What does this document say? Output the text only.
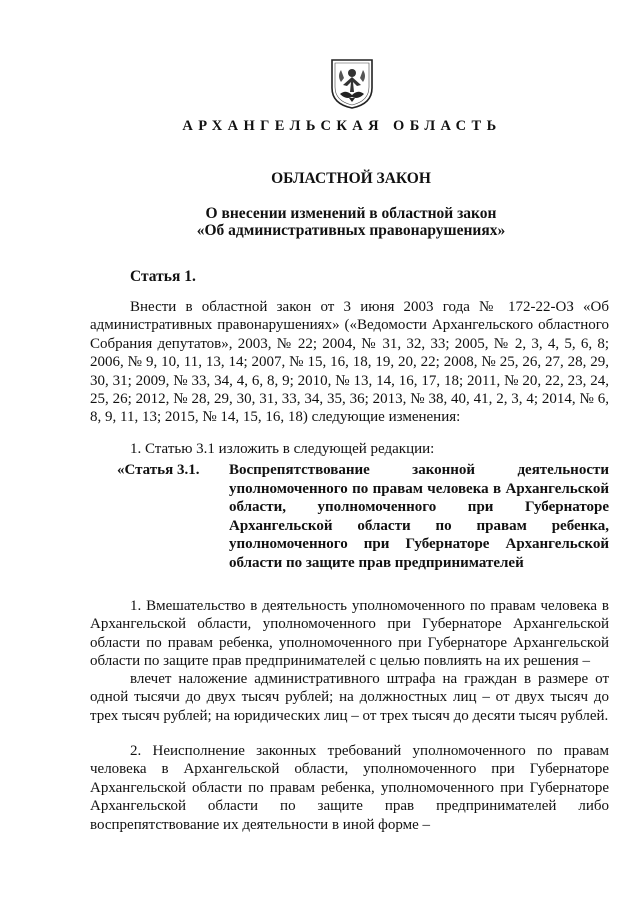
АРХАНГЕЛЬСКАЯ ОБЛАСТЬ
ОБЛАСТНОЙ ЗАКОН
О внесении изменений в областной закон
«Об административных правонарушениях»
Статья 1.

Внести в областной закон от 3 июня 2003 года № 172-22-ОЗ «Об административных правонарушениях» («Ведомости Архангельского областного Собрания депутатов», 2003, № 22; 2004, № 31, 32, 33; 2005, № 2, 3, 4, 5, 6, 8; 2006, № 9, 10, 11, 13, 14; 2007, № 15, 16, 18, 19, 20, 22; 2008, № 25, 26, 27, 28, 29, 30, 31; 2009, № 33, 34, 4, 6, 8, 9; 2010, № 13, 14, 16, 17, 18; 2011, № 20, 22, 23, 24, 25, 26; 2012, № 28, 29, 30, 31, 33, 34, 35, 36; 2013, № 38, 40, 41, 2, 3, 4; 2014, № 6, 8, 9, 11, 13; 2015, № 14, 15, 16, 18) следующие изменения:

1. Статью 3.1 изложить в следующей редакции:

«Статья 3.1. Воспрепятствование законной деятельности уполномоченного по правам человека в Архангельской области, уполномоченного при Губернаторе Архангельской области по правам ребенка, уполномоченного при Губернаторе Архангельской области по защите прав предпринимателей

1. Вмешательство в деятельность уполномоченного по правам человека в Архангельской области, уполномоченного при Губернаторе Архангельской области по правам ребенка, уполномоченного при Губернаторе Архангельской области по защите прав предпринимателей с целью повлиять на их решения –

влечет наложение административного штрафа на граждан в размере от одной тысячи до двух тысяч рублей; на должностных лиц – от двух тысяч до трех тысяч рублей; на юридических лиц – от трех тысяч до десяти тысяч рублей.

2. Неисполнение законных требований уполномоченного по правам человека в Архангельской области, уполномоченного при Губернаторе Архангельской области по правам ребенка, уполномоченного при Губернаторе Архангельской области по защите прав предпринимателей либо воспрепятствование их деятельности в иной форме –
